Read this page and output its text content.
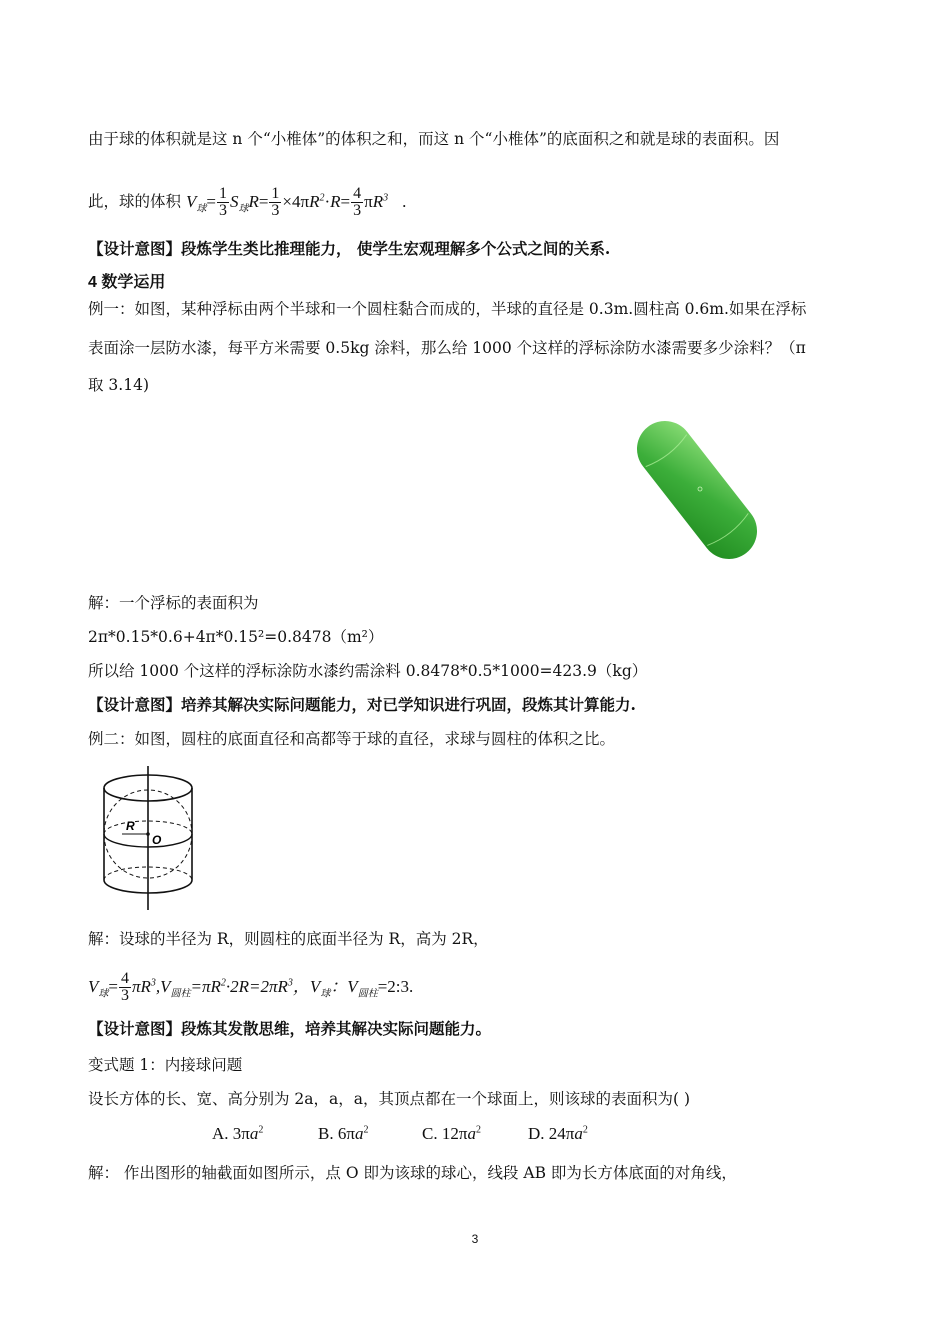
由于球的体积就是这 n 个“小椎体”的体积之和，而这 n 个“小椎体”的底面积之和就是球的表面积。因
此，球的体积 $V_球= \frac{1}{3} S_球R= \frac{1}{3} \times 4\pi R^2\cdot R= \frac{4}{3} \pi R^3$ .
【设计意图】段炼学生类比推理能力， 使学生宏观理解多个公式之间的关系.
4 数学运用
例一：如图，某种浮标由两个半球和一个圆柱黏合而成的，半球的直径是 0.3m.圆柱高 0.6m.如果在浮标
表面涂一层防水漆，每平方米需要 0.5kg 涂料，那么给 1000 个这样的浮标涂防水漆需要多少涂料？（π
取 3.14)
解：一个浮标的表面积为
2π*0.15*0.6+4π*0.15²=0.8478（m²）
所以给 1000 个这样的浮标涂防水漆约需涂料 0.8478*0.5*1000=423.9（kg）
【设计意图】培养其解决实际问题能力，对已学知识进行巩固，段炼其计算能力.
例二：如图，圆柱的底面直径和高都等于球的直径，求球与圆柱的体积之比。
R
O
解：设球的半径为 R，则圆柱的底面半径为 R，高为 2R，
$V_球= \frac{4}{3} \pi R^3,V_{圆柱}=\pi R^2\cdot 2R=2\pi R^3$，$V_球$：$V_{圆柱}=2:3$.
【设计意图】段炼其发散思维，培养其解决实际问题能力。
变式题 1：内接球问题
设长方体的长、宽、高分别为 2a，a，a，其顶点都在一个球面上，则该球的表面积为( )
A. $3\pi a^2$	B. $6\pi a^2$	C. $12\pi a^2$	D. $24\pi a^2$
解： 作出图形的轴截面如图所示，点 O 即为该球的球心，线段 AB 即为长方体底面的对角线，
3
